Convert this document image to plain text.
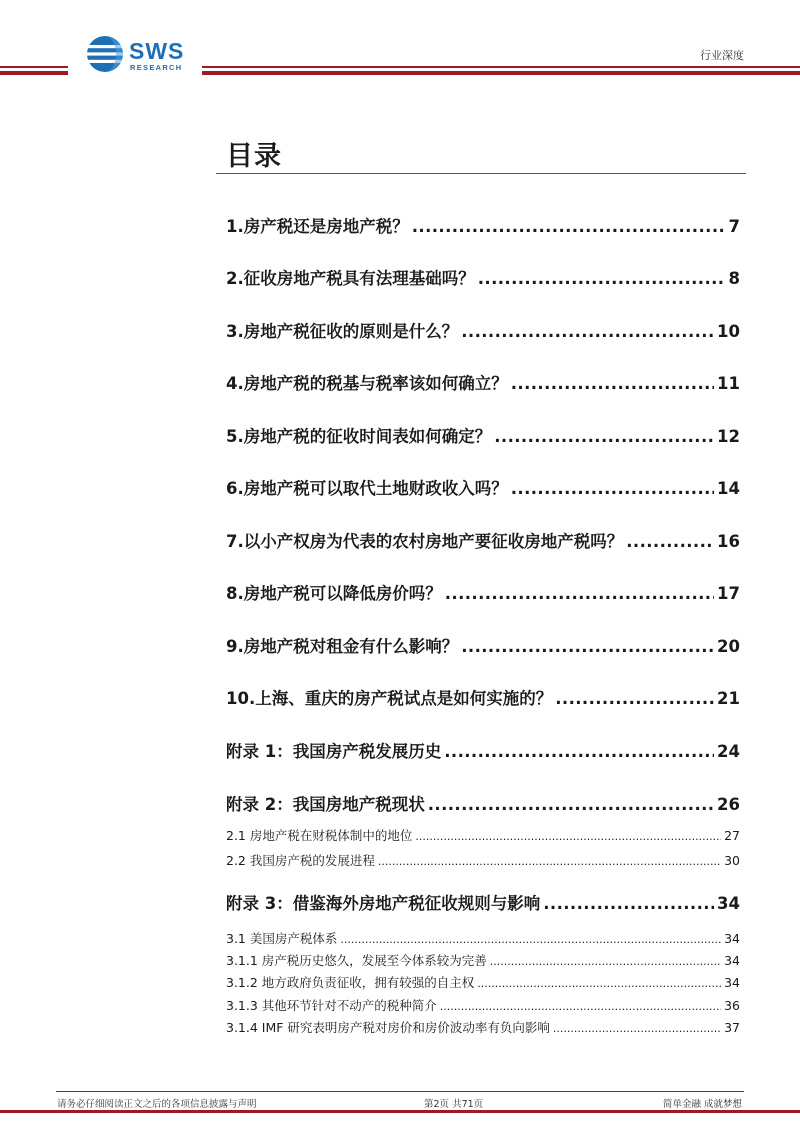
SWS
RESEARCH
行业深度
目录
1.房产税还是房地产税？ .....	7
2.征收房地产税具有法理基础吗？ .....	8
3.房地产税征收的原则是什么？ .....	10
4.房地产税的税基与税率该如何确立？ .....	11
5.房地产税的征收时间表如何确定？ .....	12
6.房地产税可以取代土地财政收入吗？ .....	14
7.以小产权房为代表的农村房地产要征收房地产税吗？ .....	16
8.房地产税可以降低房价吗？ .....	17
9.房地产税对租金有什么影响？ .....	20
10.上海、重庆的房产税试点是如何实施的？ .....	21
附录 1：我国房产税发展历史 .....	24
附录 2：我国房地产税现状 .....	26
2.1 房地产税在财税体制中的地位 .....	27
2.2 我国房产税的发展进程 .....	30
附录 3：借鉴海外房地产税征收规则与影响 .....	34
3.1 美国房产税体系 .....	34
3.1.1 房产税历史悠久，发展至今体系较为完善 .....	34
3.1.2 地方政府负责征收，拥有较强的自主权 .....	34
3.1.3 其他环节针对不动产的税种简介 .....	36
3.1.4 IMF 研究表明房产税对房价和房价波动率有负向影响 .....	37
请务必仔细阅读正文之后的各项信息披露与声明	第2页 共71页	简单金融 成就梦想
